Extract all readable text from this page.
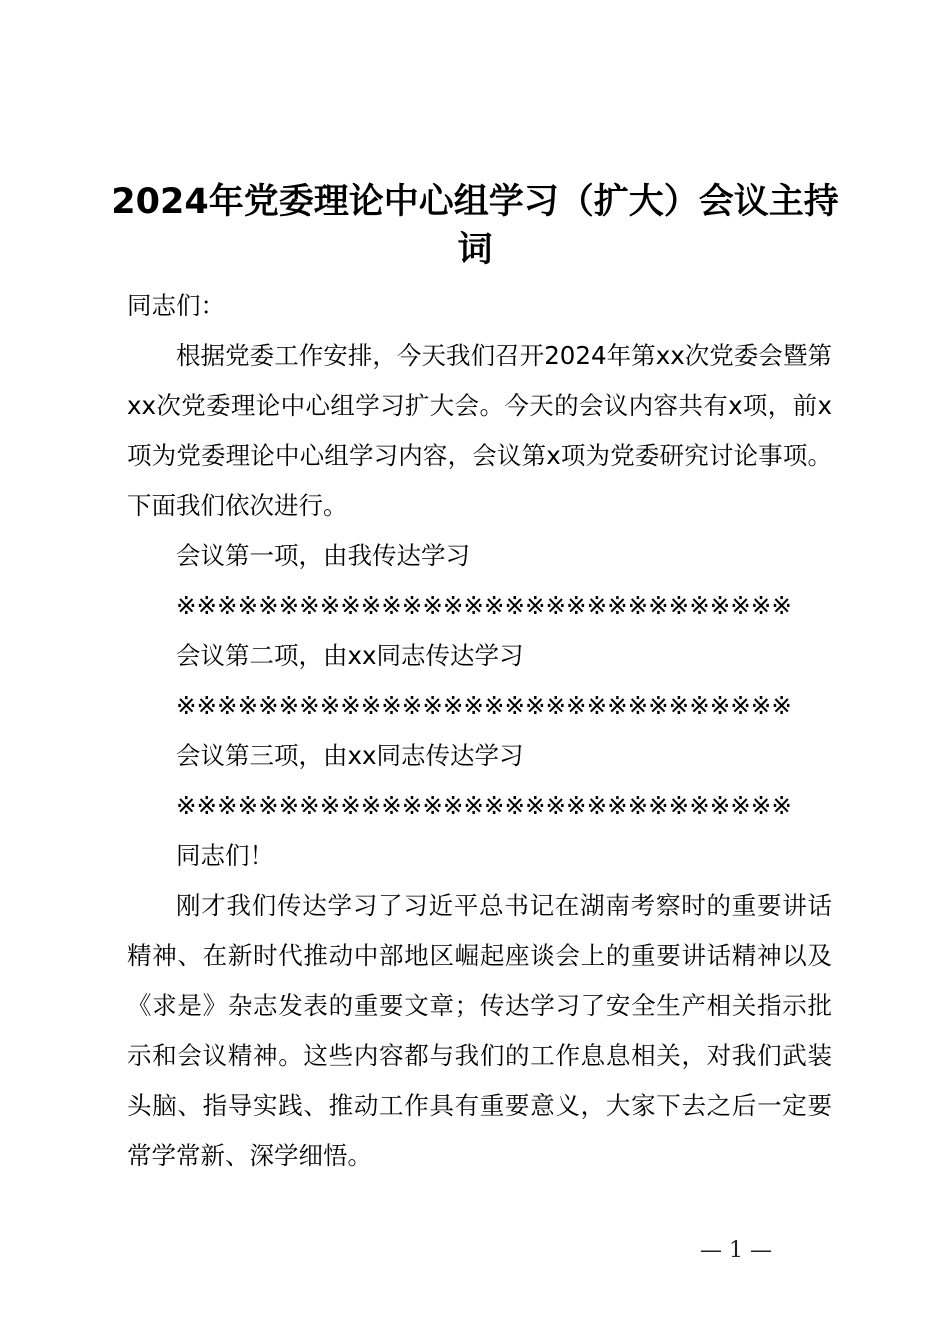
2024年党委理论中心组学习（扩大）会议主持词

同志们：

根据党委工作安排，今天我们召开2024年第xx次党委会暨第xx次党委理论中心组学习扩大会。今天的会议内容共有x项，前x项为党委理论中心组学习内容，会议第x项为党委研究讨论事项。下面我们依次进行。

会议第一项，由我传达学习

※※※※※※※※※※※※※※※※※※※※※※※※※※※※※※

会议第二项，由xx同志传达学习

※※※※※※※※※※※※※※※※※※※※※※※※※※※※※※

会议第三项，由xx同志传达学习

※※※※※※※※※※※※※※※※※※※※※※※※※※※※※※

同志们！

刚才我们传达学习了习近平总书记在湖南考察时的重要讲话精神、在新时代推动中部地区崛起座谈会上的重要讲话精神以及《求是》杂志发表的重要文章；传达学习了安全生产相关指示批示和会议精神。这些内容都与我们的工作息息相关，对我们武装头脑、指导实践、推动工作具有重要意义，大家下去之后一定要常学常新、深学细悟。

— 1 —
